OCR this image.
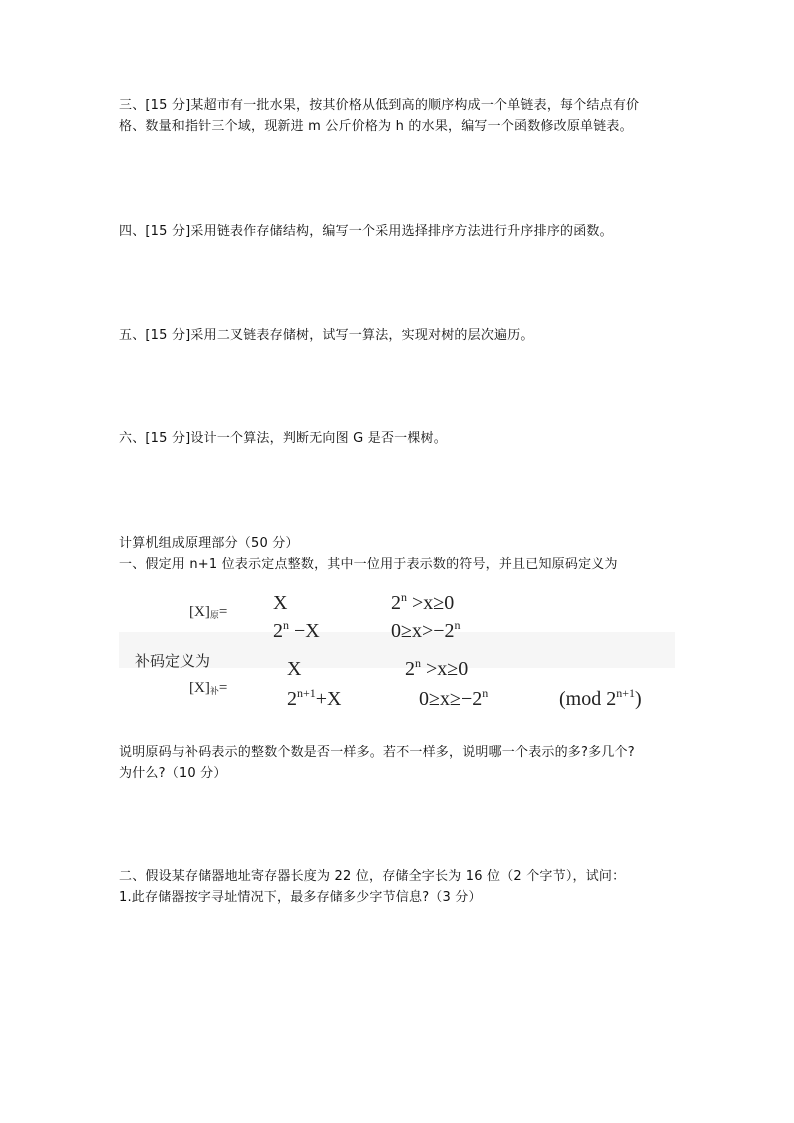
三、[15 分]某超市有一批水果，按其价格从低到高的顺序构成一个单链表，每个结点有价
格、数量和指针三个域，现新进 m 公斤价格为 h 的水果，编写一个函数修改原单链表。
四、[15 分]采用链表作存储结构，编写一个采用选择排序方法进行升序排序的函数。
五、[15 分]采用二叉链表存储树，试写一算法，实现对树的层次遍历。
六、[15 分]设计一个算法，判断无向图 G 是否一棵树。
计算机组成原理部分（50 分）
一、假定用 n+1 位表示定点整数，其中一位用于表示数的符号，并且已知原码定义为
$[X]_原= X$	$2^n >x\ge 0$
$2^n -X$	$0\ge x>-2^n$
补码定义为
$[X]_补=$
X	$2^n >x\ge 0$
$2^{n+1}+X$	$0\ge x\ge-2^n$	(mod $2^{n+1}$)
说明原码与补码表示的整数个数是否一样多。若不一样多，说明哪一个表示的多?多几个?
为什么?（10 分）
二、假设某存储器地址寄存器长度为 22 位，存储全字长为 16 位（2 个字节），试问：
1.此存储器按字寻址情况下，最多存储多少字节信息?（3 分）
